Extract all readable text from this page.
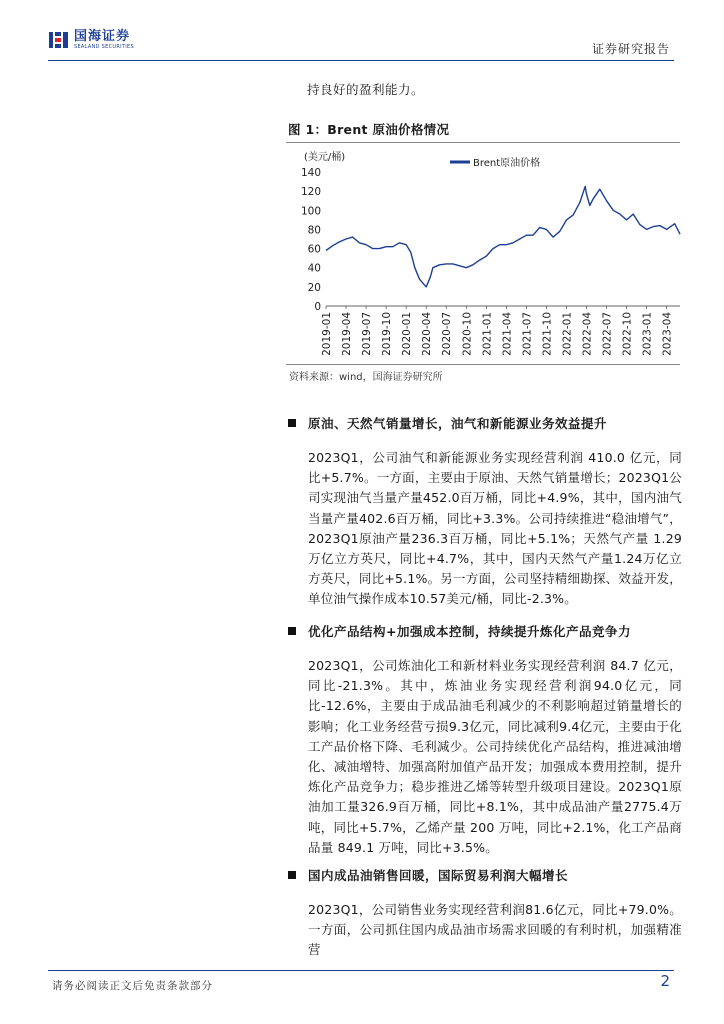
国海证券
SEALAND SECURITIES	证券研究报告
持良好的盈利能力。
图 1：Brent 原油价格情况
0
20
40
60
80
100
120
140
2019-01 2019-04 2019-07 2019-10 2020-01 2020-04 2020-07 2020-10 2021-01 2021-04 2021-07 2021-10 2022-01 2022-04 2022-07 2022-10 2023-01 2023-04
(美元/桶)
Brent原油价格
资料来源：wind，国海证券研究所
原油、天然气销量增长，油气和新能源业务效益提升
2023Q1，公司油气和新能源业务实现经营利润 410.0 亿元，同比+5.7%。一方面，主要由于原油、天然气销量增长；2023Q1公司实现油气当量产量452.0百万桶，同比+4.9%，其中，国内油气当量产量402.6百万桶，同比+3.3%。公司持续推进“稳油增气”，2023Q1原油产量236.3百万桶，同比+5.1%；天然气产量 1.29 万亿立方英尺，同比+4.7%，其中，国内天然气产量1.24万亿立方英尺，同比+5.1%。另一方面，公司坚持精细勘探、效益开发，单位油气操作成本10.57美元/桶，同比-2.3%。
优化产品结构+加强成本控制，持续提升炼化产品竞争力
2023Q1，公司炼油化工和新材料业务实现经营利润 84.7 亿元，同比-21.3%。其中，炼油业务实现经营利润94.0亿元，同比-12.6%，主要由于成品油毛利减少的不利影响超过销量增长的影响；化工业务经营亏损9.3亿元，同比减利9.4亿元，主要由于化工产品价格下降、毛利减少。公司持续优化产品结构，推进减油增化、减油增特、加强高附加值产品开发；加强成本费用控制，提升炼化产品竞争力；稳步推进乙烯等转型升级项目建设。2023Q1原油加工量326.9百万桶，同比+8.1%，其中成品油产量2775.4万吨，同比+5.7%，乙烯产量 200 万吨，同比+2.1%，化工产品商品量 849.1 万吨，同比+3.5%。
国内成品油销售回暖，国际贸易利润大幅增长
2023Q1，公司销售业务实现经营利润81.6亿元，同比+79.0%。一方面，公司抓住国内成品油市场需求回暖的有利时机，加强精准营
请务必阅读正文后免责条款部分	2
